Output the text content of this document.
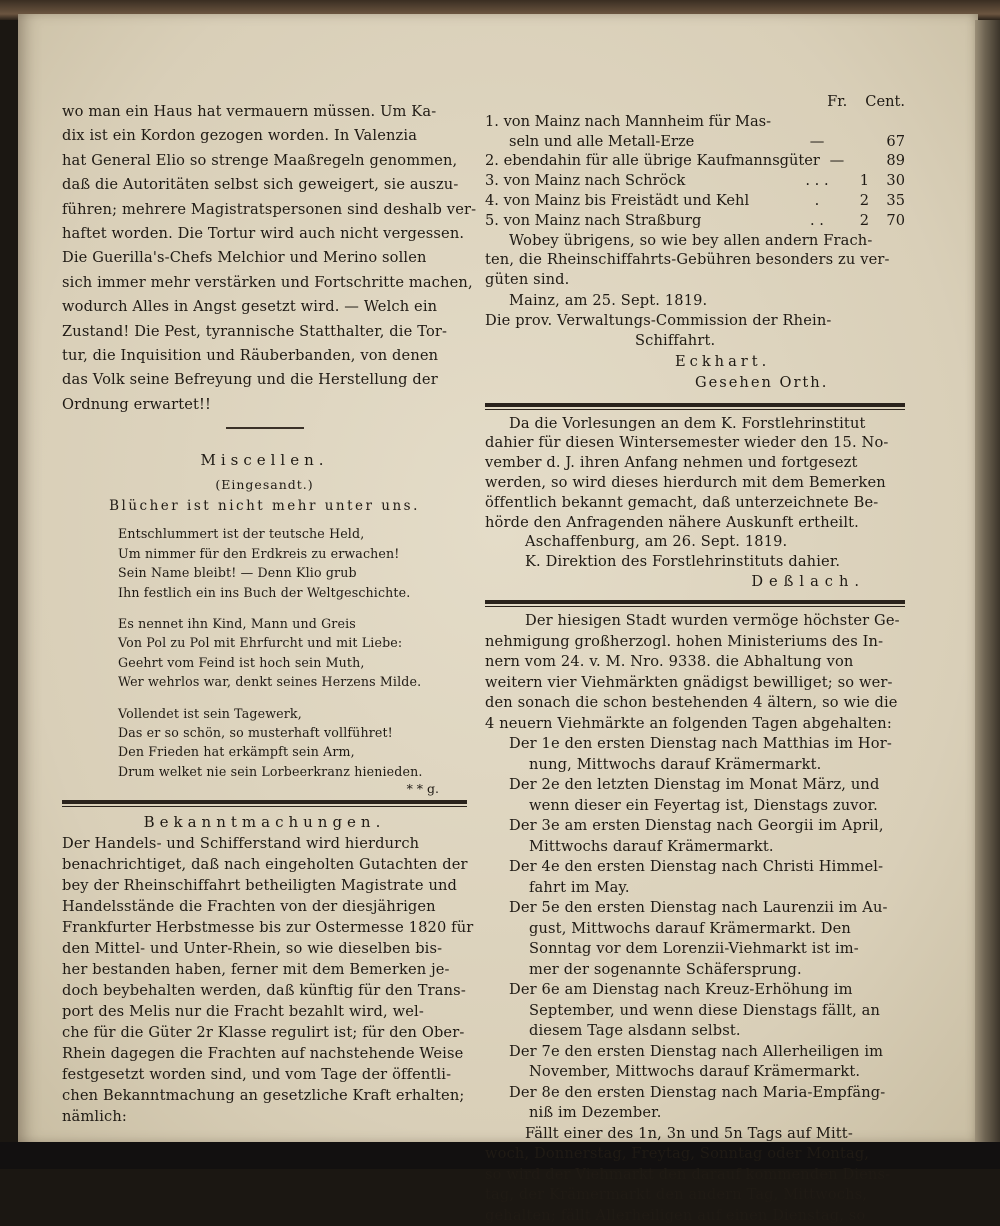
wo man ein Haus hat vermauern müssen. Um Ka-
dix ist ein Kordon gezogen worden. In Valenzia
hat General Elio so strenge Maaßregeln genommen,
daß die Autoritäten selbst sich geweigert, sie auszu-
führen; mehrere Magistratspersonen sind deshalb ver-
haftet worden. Die Tortur wird auch nicht vergessen.
Die Guerilla's-Chefs Melchior und Merino sollen
sich immer mehr verstärken und Fortschritte machen,
wodurch Alles in Angst gesetzt wird. — Welch ein
Zustand! Die Pest, tyrannische Statthalter, die Tor-
tur, die Inquisition und Räuberbanden, von denen
das Volk seine Befreyung und die Herstellung der
Ordnung erwartet!!
Miscellen.
(Eingesandt.)
Blücher ist nicht mehr unter uns.
Entschlummert ist der teutsche Held,
Um nimmer für den Erdkreis zu erwachen!
Sein Name bleibt! — Denn Klio grub
Ihn festlich ein ins Buch der Weltgeschichte.
Es nennet ihn Kind, Mann und Greis
Von Pol zu Pol mit Ehrfurcht und mit Liebe:
Geehrt vom Feind ist hoch sein Muth,
Wer wehrlos war, denkt seines Herzens Milde.
Vollendet ist sein Tagewerk,
Das er so schön, so musterhaft vollführet!
Den Frieden hat erkämpft sein Arm,
Drum welket nie sein Lorbeerkranz hienieden.
* * g.
Bekanntmachungen.
Der Handels- und Schifferstand wird hierdurch
benachrichtiget, daß nach eingeholten Gutachten der
bey der Rheinschiffahrt betheiligten Magistrate und
Handelsstände die Frachten von der diesjährigen
Frankfurter Herbstmesse bis zur Ostermesse 1820 für
den Mittel- und Unter-Rhein, so wie dieselben bis-
her bestanden haben, ferner mit dem Bemerken je-
doch beybehalten werden, daß künftig für den Trans-
port des Melis nur die Fracht bezahlt wird, wel-
che für die Güter 2r Klasse regulirt ist; für den Ober-
Rhein dagegen die Frachten auf nachstehende Weise
festgesetzt worden sind, und vom Tage der öffentli-
chen Bekanntmachung an gesetzliche Kraft erhalten;
nämlich:
Fr. Cent.
1. von Mainz nach Mannheim für Mas-
seln und alle Metall-Erze	—	67
2. ebendahin für alle übrige Kaufmannsgüter —	89
3. von Mainz nach Schröck	. . .	1	30
4. von Mainz bis Freistädt und Kehl	.	2	35
5. von Mainz nach Straßburg	. .	2	70
Wobey übrigens, so wie bey allen andern Frach-
ten, die Rheinschiffahrts-Gebühren besonders zu ver-
güten sind.
Mainz, am 25. Sept. 1819.
Die prov. Verwaltungs-Commission der Rhein-
Schiffahrt.
Eckhart.
Gesehen Orth.
Da die Vorlesungen an dem K. Forstlehrinstitut
dahier für diesen Wintersemester wieder den 15. No-
vember d. J. ihren Anfang nehmen und fortgesezt
werden, so wird dieses hierdurch mit dem Bemerken
öffentlich bekannt gemacht, daß unterzeichnete Be-
hörde den Anfragenden nähere Auskunft ertheilt.
Aschaffenburg, am 26. Sept. 1819.
K. Direktion des Forstlehrinstituts dahier.
Deßlach.
Der hiesigen Stadt wurden vermöge höchster Ge-
nehmigung großherzogl. hohen Ministeriums des In-
nern vom 24. v. M. Nro. 9338. die Abhaltung von
weitern vier Viehmärkten gnädigst bewilliget; so wer-
den sonach die schon bestehenden 4 ältern, so wie die
4 neuern Viehmärkte an folgenden Tagen abgehalten:
Der 1e den ersten Dienstag nach Matthias im Hor-
nung, Mittwochs darauf Krämermarkt.
Der 2e den letzten Dienstag im Monat März, und
wenn dieser ein Feyertag ist, Dienstags zuvor.
Der 3e am ersten Dienstag nach Georgii im April,
Mittwochs darauf Krämermarkt.
Der 4e den ersten Dienstag nach Christi Himmel-
fahrt im May.
Der 5e den ersten Dienstag nach Laurenzii im Au-
gust, Mittwochs darauf Krämermarkt. Den
Sonntag vor dem Lorenzii-Viehmarkt ist im-
mer der sogenannte Schäfersprung.
Der 6e am Dienstag nach Kreuz-Erhöhung im
September, und wenn diese Dienstags fällt, an
diesem Tage alsdann selbst.
Der 7e den ersten Dienstag nach Allerheiligen im
November, Mittwochs darauf Krämermarkt.
Der 8e den ersten Dienstag nach Maria-Empfäng-
niß im Dezember.
Fällt einer des 1n, 3n und 5n Tags auf Mitt-
woch, Donnerstag, Freytag, Sonntag oder Montag,
so wird der Viehmarkt den darauf kommenden Diens-
tag, der Krämermarkt den andern Tag, Mittwochs,
gehalten; fällt Allerheiligen auf einen Dienstag, so
